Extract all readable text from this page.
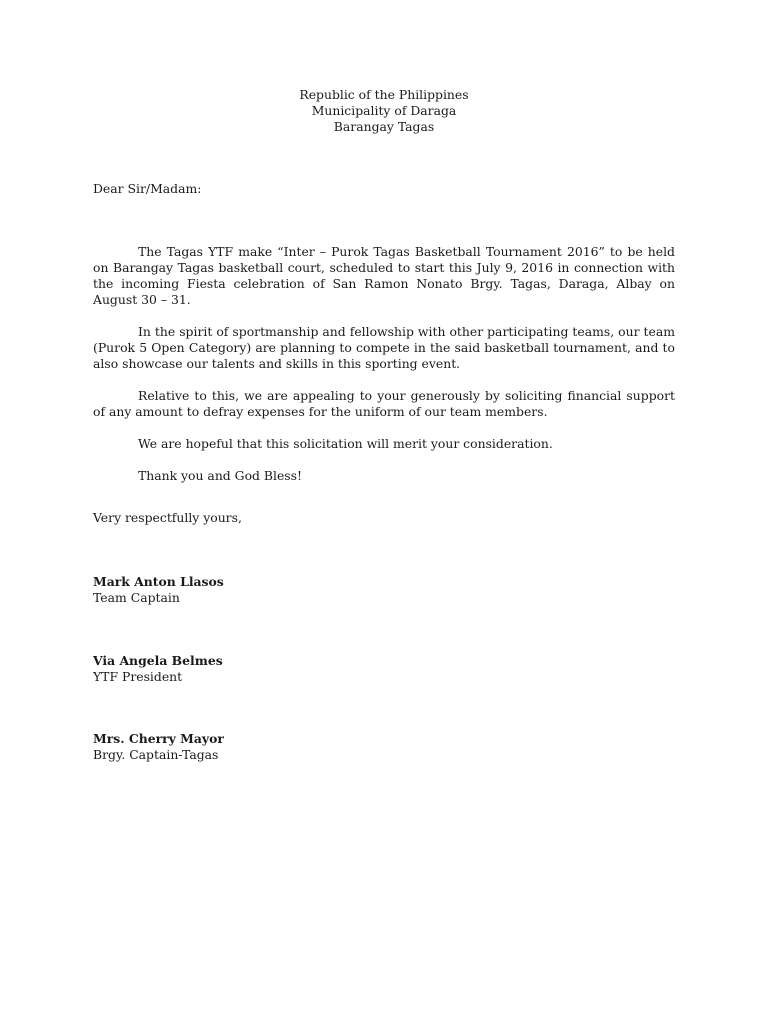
Republic of the Philippines
Municipality of Daraga
Barangay Tagas
Dear Sir/Madam:

The Tagas YTF make “Inter – Purok Tagas Basketball Tournament 2016” to be held on Barangay Tagas basketball court, scheduled to start this July 9, 2016 in connection with the incoming Fiesta celebration of San Ramon Nonato Brgy. Tagas, Daraga, Albay on August 30 – 31.

In the spirit of sportmanship and fellowship with other participating teams, our team (Purok 5 Open Category) are planning to compete in the said basketball tournament, and to also showcase our talents and skills in this sporting event.

Relative to this, we are appealing to your generously by soliciting financial support of any amount to defray expenses for the uniform of our team members.

We are hopeful that this solicitation will merit your consideration.

Thank you and God Bless!

Very respectfully yours,
Mark Anton Llasos
Team Captain
Via Angela Belmes
YTF President
Mrs. Cherry Mayor
Brgy. Captain-Tagas
